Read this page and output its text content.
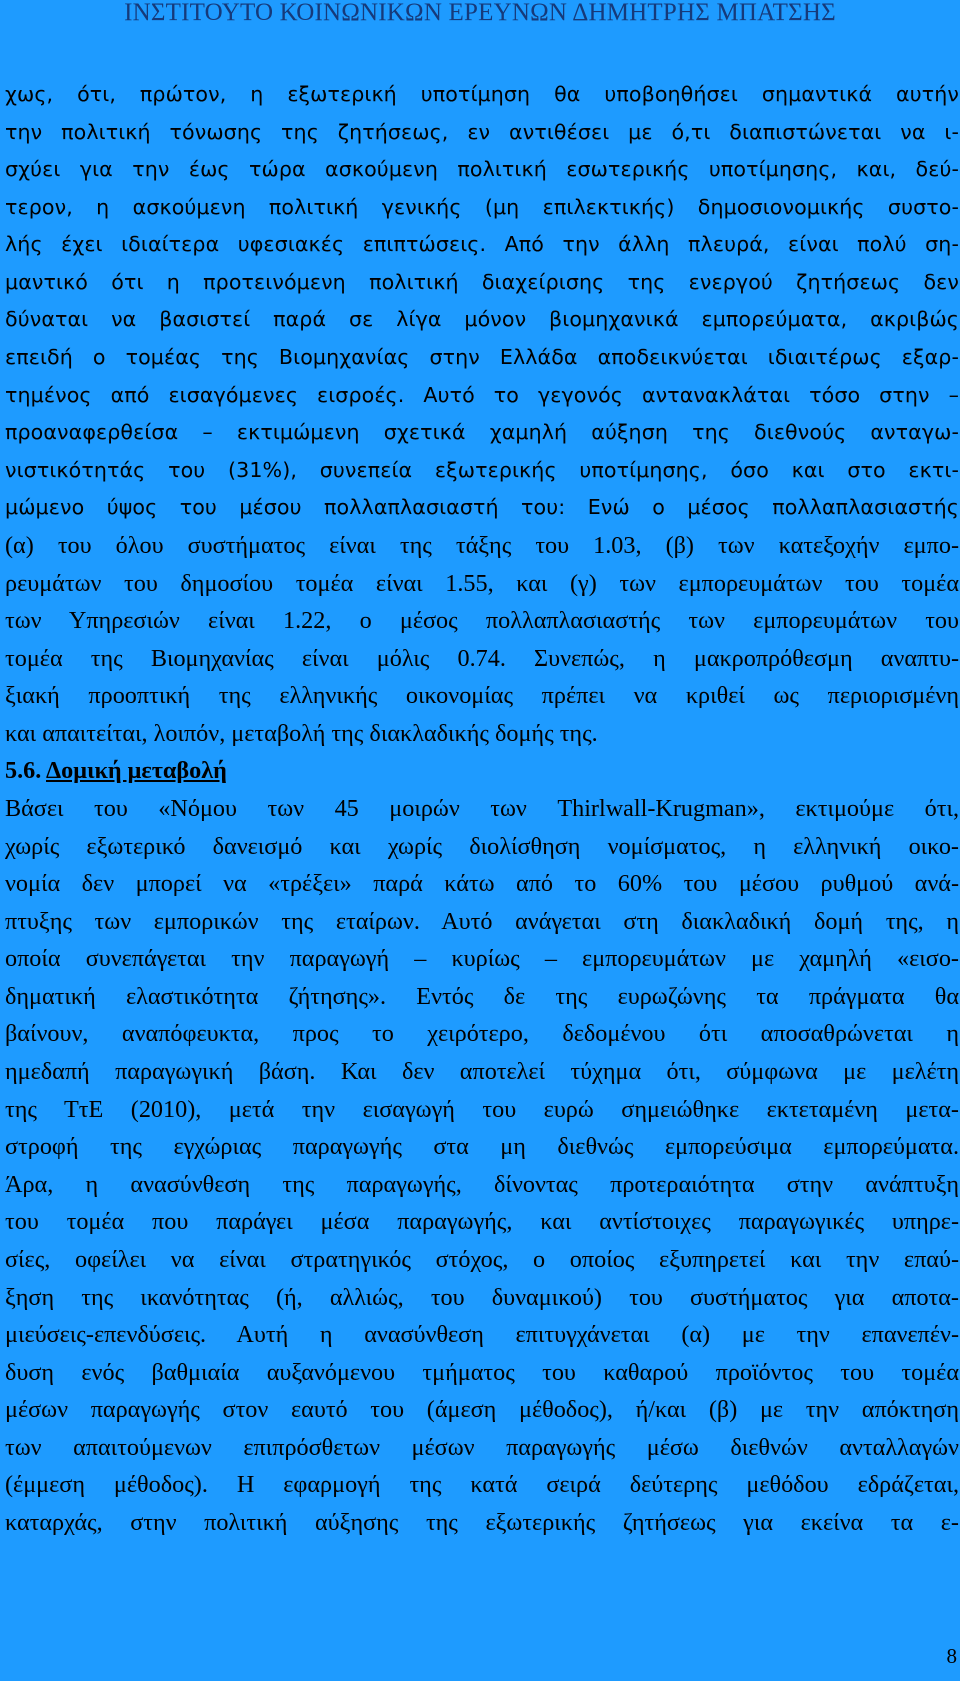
ΙΝΣΤΙΤΟΥΤΟ ΚΟΙΝΩΝΙΚΩΝ ΕΡΕΥΝΩΝ ΔΗΜΗΤΡΗΣ ΜΠΑΤΣΗΣ
χως, ότι, πρώτον, η εξωτερική υποτίμηση θα υποβοηθήσει σημαντικά αυτήν
την πολιτική τόνωσης της ζητήσεως, εν αντιθέσει με ό,τι διαπιστώνεται να ι-
σχύει για την έως τώρα ασκούμενη πολιτική εσωτερικής υποτίμησης, και, δεύ-
τερον, η ασκούμενη πολιτική γενικής (μη επιλεκτικής) δημοσιονομικής συστο-
λής έχει ιδιαίτερα υφεσιακές επιπτώσεις. Από την άλλη πλευρά, είναι πολύ ση-
μαντικό ότι η προτεινόμενη πολιτική διαχείρισης της ενεργού ζητήσεως δεν
δύναται να βασιστεί παρά σε λίγα μόνον βιομηχανικά εμπορεύματα, ακριβώς
επειδή ο τομέας της Βιομηχανίας στην Ελλάδα αποδεικνύεται ιδιαιτέρως εξαρ-
τημένος από εισαγόμενες εισροές. Αυτό το γεγονός αντανακλάται τόσο στην –
προαναφερθείσα – εκτιμώμενη σχετικά χαμηλή αύξηση της διεθνούς ανταγω-
νιστικότητάς του (31%), συνεπεία εξωτερικής υποτίμησης, όσο και στο εκτι-
μώμενο ύψος του μέσου πολλαπλασιαστή του: Ενώ ο μέσος πολλαπλασιαστής
(α) του όλου συστήματος είναι της τάξης του 1.03, (β) των κατεξοχήν εμπο-
ρευμάτων του δημοσίου τομέα είναι 1.55, και (γ) των εμπορευμάτων του τομέα
των Υπηρεσιών είναι 1.22, ο μέσος πολλαπλασιαστής των εμπορευμάτων του
τομέα της Βιομηχανίας είναι μόλις 0.74. Συνεπώς, η μακροπρόθεσμη αναπτυ-
ξιακή προοπτική της ελληνικής οικονομίας πρέπει να κριθεί ως περιορισμένη
και απαιτείται, λοιπόν, μεταβολή της διακλαδικής δομής της.
5.6. Δομική μεταβολή
Βάσει του «Νόμου των 45 μοιρών των Thirlwall-Krugman», εκτιμούμε ότι,
χωρίς εξωτερικό δανεισμό και χωρίς διολίσθηση νομίσματος, η ελληνική οικο-
νομία δεν μπορεί να «τρέξει» παρά κάτω από το 60% του μέσου ρυθμού ανά-
πτυξης των εμπορικών της εταίρων. Αυτό ανάγεται στη διακλαδική δομή της, η
οποία συνεπάγεται την παραγωγή – κυρίως – εμπορευμάτων με χαμηλή «εισο-
δηματική ελαστικότητα ζήτησης». Εντός δε της ευρωζώνης τα πράγματα θα
βαίνουν, αναπόφευκτα, προς το χειρότερο, δεδομένου ότι αποσαθρώνεται η
ημεδαπή παραγωγική βάση. Και δεν αποτελεί τύχημα ότι, σύμφωνα με μελέτη
της ΤτΕ (2010), μετά την εισαγωγή του ευρώ σημειώθηκε εκτεταμένη μετα-
στροφή της εγχώριας παραγωγής στα μη διεθνώς εμπορεύσιμα εμπορεύματα.
Άρα, η ανασύνθεση της παραγωγής, δίνοντας προτεραιότητα στην ανάπτυξη
του τομέα που παράγει μέσα παραγωγής, και αντίστοιχες παραγωγικές υπηρε-
σίες, οφείλει να είναι στρατηγικός στόχος, ο οποίος εξυπηρετεί και την επαύ-
ξηση της ικανότητας (ή, αλλιώς, του δυναμικού) του συστήματος για αποτα-
μιεύσεις-επενδύσεις. Αυτή η ανασύνθεση επιτυγχάνεται (α) με την επανεπέν-
δυση ενός βαθμιαία αυξανόμενου τμήματος του καθαρού προϊόντος του τομέα
μέσων παραγωγής στον εαυτό του (άμεση μέθοδος), ή/και (β) με την απόκτηση
των απαιτούμενων επιπρόσθετων μέσων παραγωγής μέσω διεθνών ανταλλαγών
(έμμεση μέθοδος). Η εφαρμογή της κατά σειρά δεύτερης μεθόδου εδράζεται,
καταρχάς, στην πολιτική αύξησης της εξωτερικής ζητήσεως για εκείνα τα ε-
8
